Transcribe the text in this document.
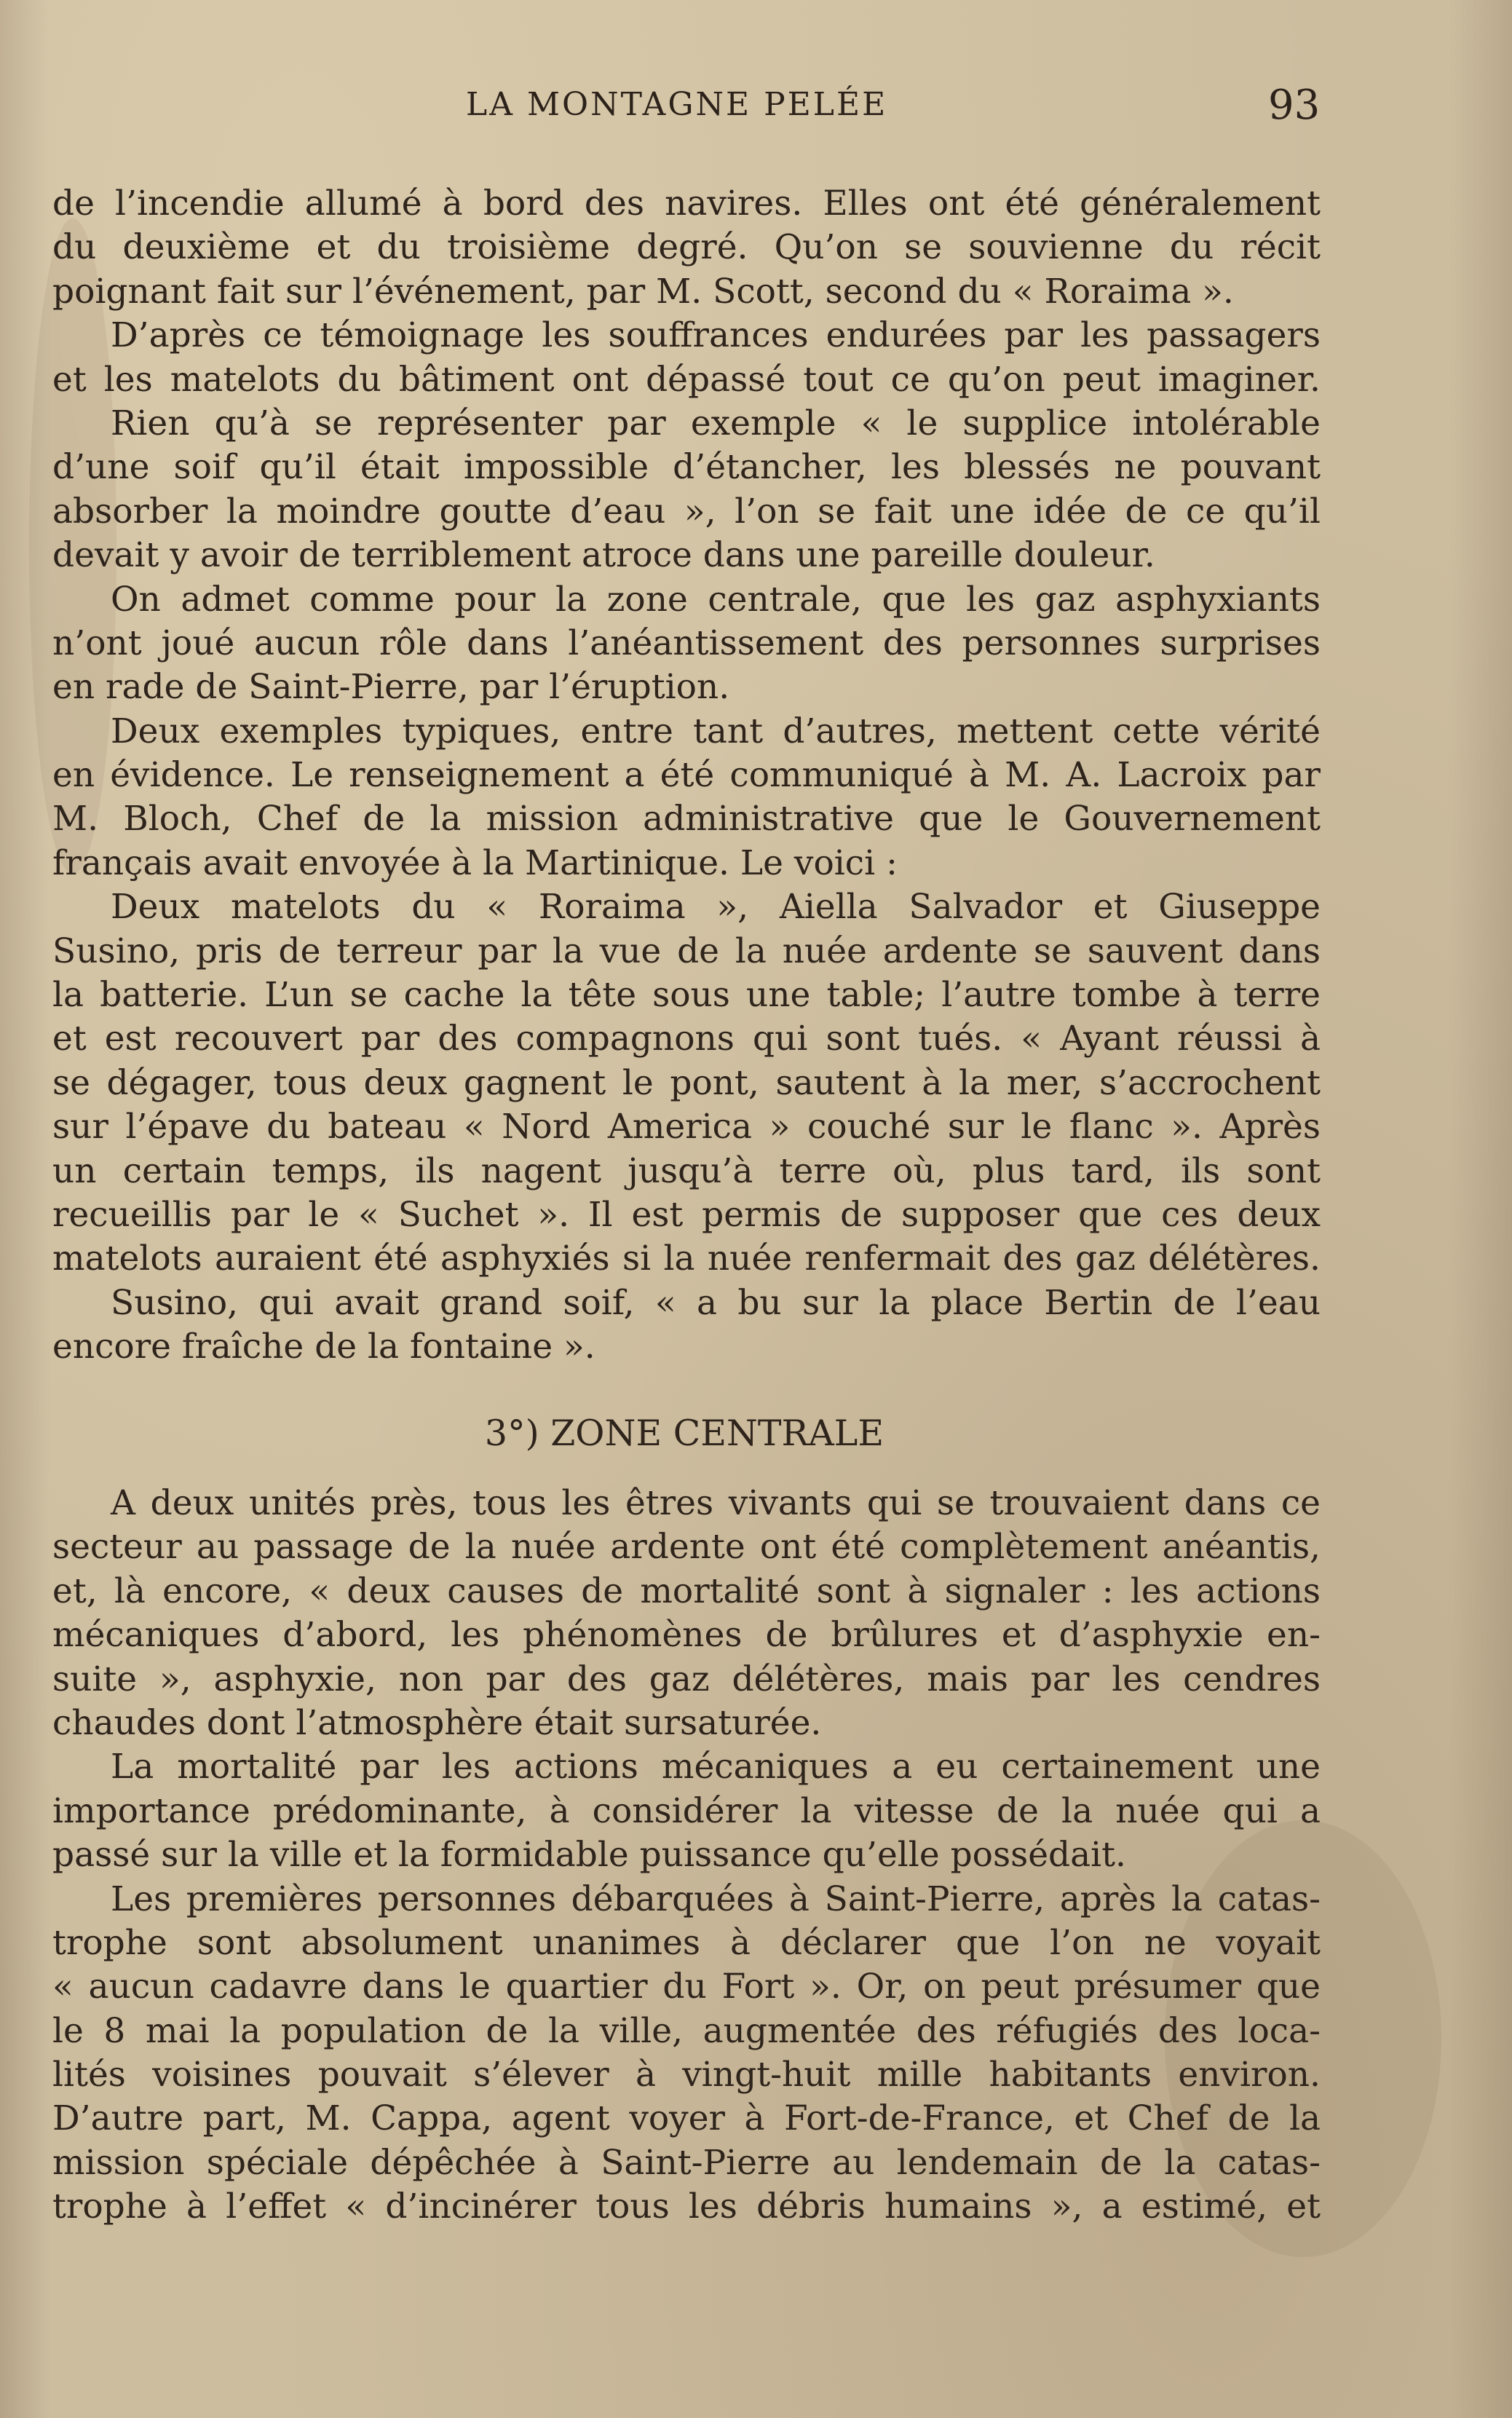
LA MONTAGNE PELÉE	93
de l’incendie allumé à bord des navires. Elles ont été généralement
du deuxième et du troisième degré. Qu’on se souvienne du récit
poignant fait sur l’événement, par M. Scott, second du « Roraima ».
D’après ce témoignage les souffrances endurées par les passagers
et les matelots du bâtiment ont dépassé tout ce qu’on peut imaginer.
Rien qu’à se représenter par exemple « le supplice intolérable
d’une soif qu’il était impossible d’étancher, les blessés ne pouvant
absorber la moindre goutte d’eau », l’on se fait une idée de ce qu’il
devait y avoir de terriblement atroce dans une pareille douleur.
On admet comme pour la zone centrale, que les gaz asphyxiants
n’ont joué aucun rôle dans l’anéantissement des personnes surprises
en rade de Saint-Pierre, par l’éruption.
Deux exemples typiques, entre tant d’autres, mettent cette vérité
en évidence. Le renseignement a été communiqué à M. A. Lacroix par
M. Bloch, Chef de la mission administrative que le Gouvernement
français avait envoyée à la Martinique. Le voici :
Deux matelots du « Roraima », Aiella Salvador et Giuseppe
Susino, pris de terreur par la vue de la nuée ardente se sauvent dans
la batterie. L’un se cache la tête sous une table; l’autre tombe à terre
et est recouvert par des compagnons qui sont tués. « Ayant réussi à
se dégager, tous deux gagnent le pont, sautent à la mer, s’accrochent
sur l’épave du bateau « Nord America » couché sur le flanc ». Après
un certain temps, ils nagent jusqu’à terre où, plus tard, ils sont
recueillis par le « Suchet ». Il est permis de supposer que ces deux
matelots auraient été asphyxiés si la nuée renfermait des gaz délétères.
Susino, qui avait grand soif, « a bu sur la place Bertin de l’eau
encore fraîche de la fontaine ».
3°) ZONE CENTRALE
A deux unités près, tous les êtres vivants qui se trouvaient dans ce
secteur au passage de la nuée ardente ont été complètement anéantis,
et, là encore, « deux causes de mortalité sont à signaler : les actions
mécaniques d’abord, les phénomènes de brûlures et d’asphyxie en-
suite », asphyxie, non par des gaz délétères, mais par les cendres
chaudes dont l’atmosphère était sursaturée.
La mortalité par les actions mécaniques a eu certainement une
importance prédominante, à considérer la vitesse de la nuée qui a
passé sur la ville et la formidable puissance qu’elle possédait.
Les premières personnes débarquées à Saint-Pierre, après la catas-
trophe sont absolument unanimes à déclarer que l’on ne voyait
« aucun cadavre dans le quartier du Fort ». Or, on peut présumer que
le 8 mai la population de la ville, augmentée des réfugiés des loca-
lités voisines pouvait s’élever à vingt-huit mille habitants environ.
D’autre part, M. Cappa, agent voyer à Fort-de-France, et Chef de la
mission spéciale dépêchée à Saint-Pierre au lendemain de la catas-
trophe à l’effet « d’incinérer tous les débris humains », a estimé, et
